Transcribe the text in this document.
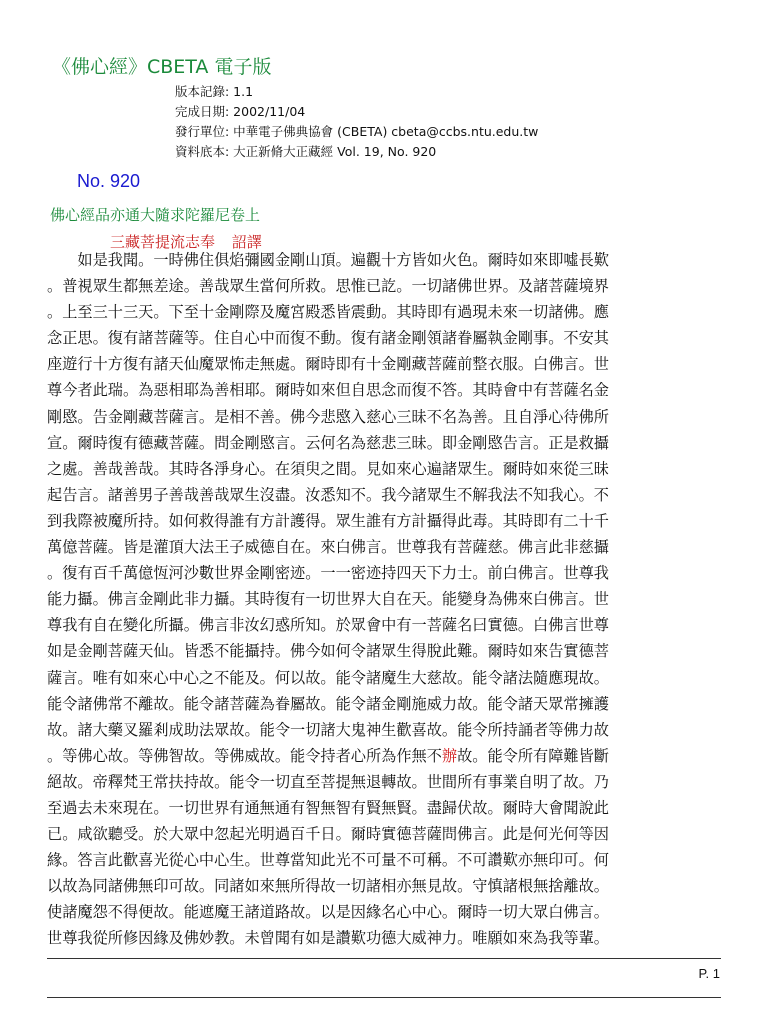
《佛心經》CBETA 電子版
版本記錄: 1.1
完成日期: 2002/11/04
發行單位: 中華電子佛典協會 (CBETA) cbeta@ccbs.ntu.edu.tw
資料底本: 大正新脩大正藏經 Vol. 19, No. 920
No. 920
佛心經品亦通大隨求陀羅尼卷上
三藏菩提流志奉 詔譯
　　如是我聞。一時佛住俱焰彌國金剛山頂。遍觀十方皆如火色。爾時如來即噓長歎
。普視眾生都無差途。善哉眾生當何所救。思惟已訖。一切諸佛世界。及諸菩薩境界
。上至三十三天。下至十金剛際及魔宮殿悉皆震動。其時即有過現未來一切諸佛。應
念正思。復有諸菩薩等。住自心中而復不動。復有諸金剛領諸眷屬執金剛事。不安其
座遊行十方復有諸天仙魔眾怖走無處。爾時即有十金剛藏菩薩前整衣服。白佛言。世
尊今者此瑞。為惡相耶為善相耶。爾時如來但自思念而復不答。其時會中有菩薩名金
剛愍。告金剛藏菩薩言。是相不善。佛今悲愍入慈心三昧不名為善。且自淨心待佛所
宣。爾時復有德藏菩薩。問金剛愍言。云何名為慈悲三昧。即金剛愍告言。正是救攝
之處。善哉善哉。其時各淨身心。在須臾之間。見如來心遍諸眾生。爾時如來從三昧
起告言。諸善男子善哉善哉眾生沒盡。汝悉知不。我今諸眾生不解我法不知我心。不
到我際被魔所持。如何救得誰有方計護得。眾生誰有方計攝得此毒。其時即有二十千
萬億菩薩。皆是灌頂大法王子威德自在。來白佛言。世尊我有菩薩慈。佛言此非慈攝
。復有百千萬億恆河沙數世界金剛密迹。一一密迹持四天下力士。前白佛言。世尊我
能力攝。佛言金剛此非力攝。其時復有一切世界大自在天。能變身為佛來白佛言。世
尊我有自在變化所攝。佛言非汝幻惑所知。於眾會中有一菩薩名曰實德。白佛言世尊
如是金剛菩薩天仙。皆悉不能攝持。佛今如何令諸眾生得脫此難。爾時如來告實德菩
薩言。唯有如來心中心之不能及。何以故。能令諸魔生大慈故。能令諸法隨應現故。
能令諸佛常不離故。能令諸菩薩為眷屬故。能令諸金剛施威力故。能令諸天眾常擁護
故。諸大藥叉羅剎成助法眾故。能令一切諸大鬼神生歡喜故。能令所持誦者等佛力故
。等佛心故。等佛智故。等佛威故。能令持者心所為作無不辦故。能令所有障難皆斷
絕故。帝釋梵王常扶持故。能令一切直至菩提無退轉故。世間所有事業自明了故。乃
至過去未來現在。一切世界有通無通有智無智有賢無賢。盡歸伏故。爾時大會聞說此
已。咸欲聽受。於大眾中忽起光明過百千日。爾時實德菩薩問佛言。此是何光何等因
緣。答言此歡喜光從心中心生。世尊當知此光不可量不可稱。不可讚歎亦無印可。何
以故為同諸佛無印可故。同諸如來無所得故一切諸相亦無見故。守慎諸根無捨離故。
使諸魔怨不得便故。能遮魔王諸道路故。以是因緣名心中心。爾時一切大眾白佛言。
世尊我從所修因緣及佛妙教。未曾聞有如是讚歎功德大威神力。唯願如來為我等輩。
P. 1
